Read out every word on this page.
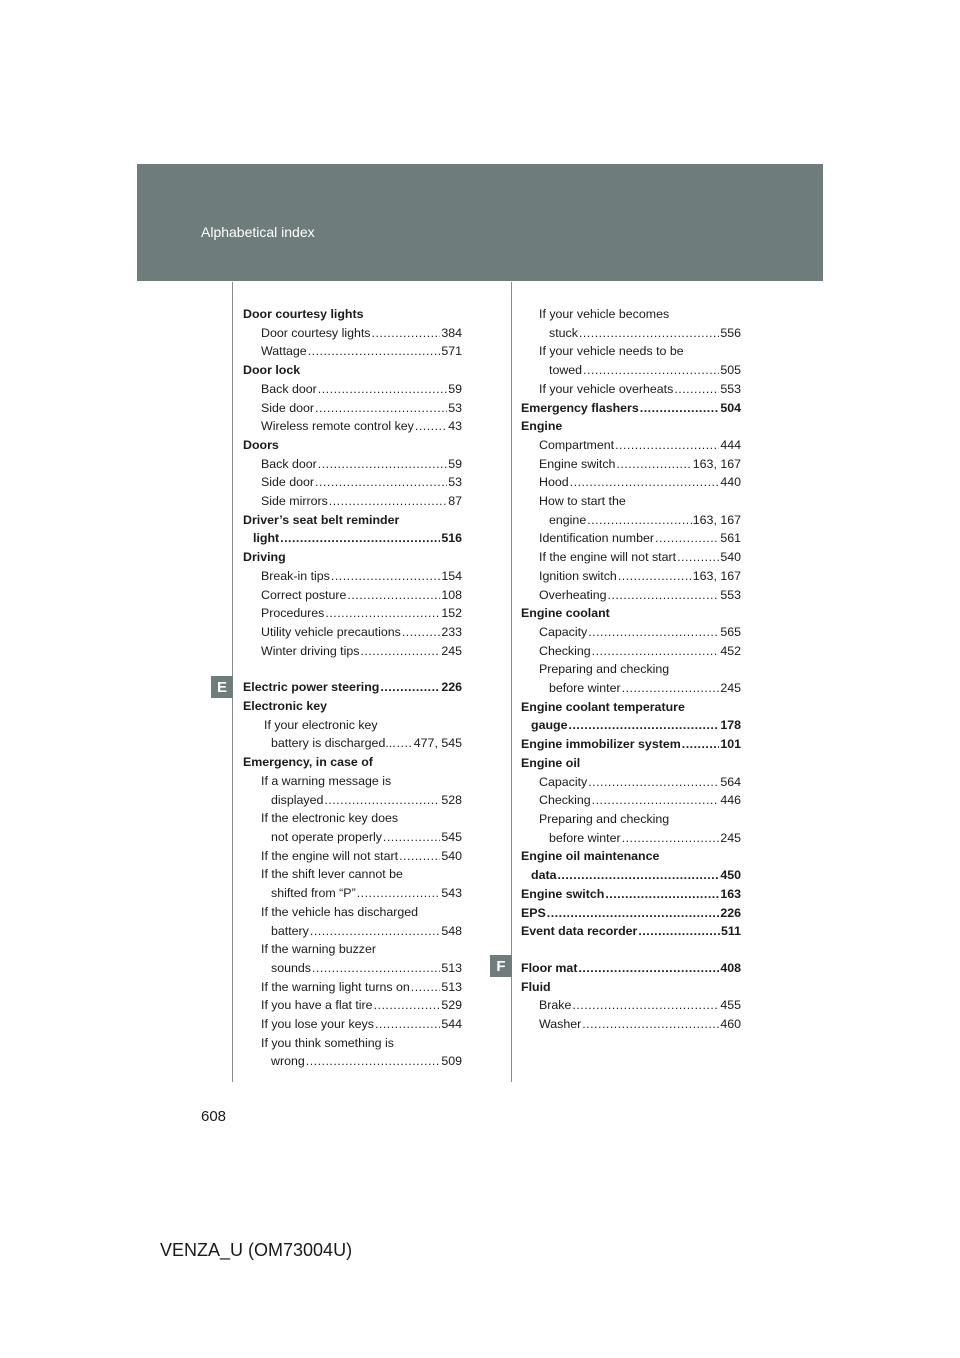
Alphabetical index
E
F
Door courtesy lights
Door courtesy lights .....	384
Wattage .....	571
Door lock
Back door .....	59
Side door .....	53
Wireless remote control key .....	43
Doors
Back door .....	59
Side door .....	53
Side mirrors .....	87
Driver’s seat belt reminder
light .....	516
Driving
Break-in tips .....	154
Correct posture .....	108
Procedures .....	152
Utility vehicle precautions .....	233
Winter driving tips .....	245
Electric power steering .....	226
Electronic key
If your electronic key
battery is discharged... ..... 477, 545
Emergency, in case of
If a warning message is
displayed .....	528
If the electronic key does
not operate properly .....	545
If the engine will not start .....	540
If the shift lever cannot be
shifted from “P” .....	543
If the vehicle has discharged
battery .....	548
If the warning buzzer
sounds .....	513
If the warning light turns on .....	513
If you have a flat tire .....	529
If you lose your keys .....	544
If you think something is
wrong .....	509
If your vehicle becomes
stuck .....	556
If your vehicle needs to be
towed .....	505
If your vehicle overheats .....	553
Emergency flashers .....	504
Engine
Compartment .....	444
Engine switch .....	163, 167
Hood .....	440
How to start the
engine .....	163, 167
Identification number .....	561
If the engine will not start .....	540
Ignition switch .....	163, 167
Overheating .....	553
Engine coolant
Capacity .....	565
Checking .....	452
Preparing and checking
before winter .....	245
Engine coolant temperature
gauge .....	178
Engine immobilizer system .....	101
Engine oil
Capacity .....	564
Checking .....	446
Preparing and checking
before winter .....	245
Engine oil maintenance
data .....	450
Engine switch .....	163
EPS .....	226
Event data recorder .....	511
Floor mat .....	408
Fluid
Brake .....	455
Washer .....	460
608
VENZA_U (OM73004U)
